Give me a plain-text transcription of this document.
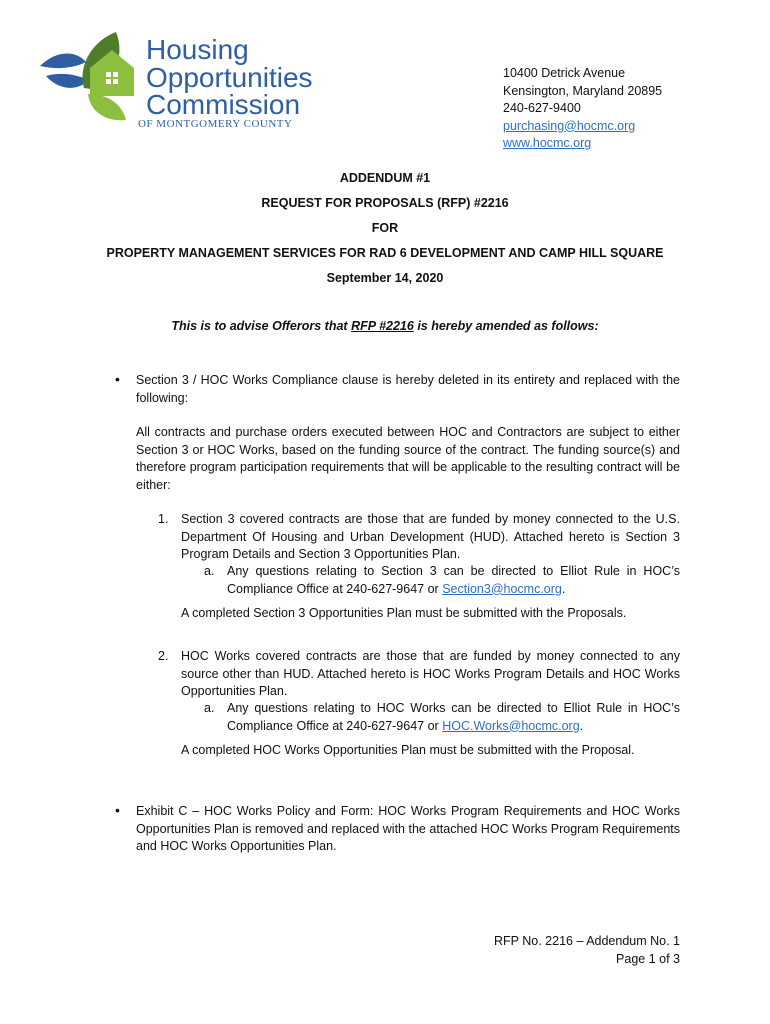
Housing
Opportunities
Commission
OF MONTGOMERY COUNTY
10400 Detrick Avenue
Kensington, Maryland 20895
240-627-9400
purchasing@hocmc.org
www.hocmc.org
ADDENDUM #1
REQUEST FOR PROPOSALS (RFP) #2216
FOR
PROPERTY MANAGEMENT SERVICES FOR RAD 6 DEVELOPMENT AND CAMP HILL SQUARE
September 14, 2020
This is to advise Offerors that RFP #2216 is hereby amended as follows:
• Section 3 / HOC Works Compliance clause is hereby deleted in its entirety and replaced with the following:
All contracts and purchase orders executed between HOC and Contractors are subject to either Section 3 or HOC Works, based on the funding source of the contract. The funding source(s) and therefore program participation requirements that will be applicable to the resulting contract will be either:
1. Section 3 covered contracts are those that are funded by money connected to the U.S. Department Of Housing and Urban Development (HUD). Attached hereto is Section 3 Program Details and Section 3 Opportunities Plan.
a. Any questions relating to Section 3 can be directed to Elliot Rule in HOC’s Compliance Office at 240-627-9647 or Section3@hocmc.org.
A completed Section 3 Opportunities Plan must be submitted with the Proposals.
2. HOC Works covered contracts are those that are funded by money connected to any source other than HUD. Attached hereto is HOC Works Program Details and HOC Works Opportunities Plan.
a. Any questions relating to HOC Works can be directed to Elliot Rule in HOC’s Compliance Office at 240-627-9647 or HOC.Works@hocmc.org.
A completed HOC Works Opportunities Plan must be submitted with the Proposal.
• Exhibit C – HOC Works Policy and Form: HOC Works Program Requirements and HOC Works Opportunities Plan is removed and replaced with the attached HOC Works Program Requirements and HOC Works Opportunities Plan.
RFP No. 2216 – Addendum No. 1
Page 1 of 3
